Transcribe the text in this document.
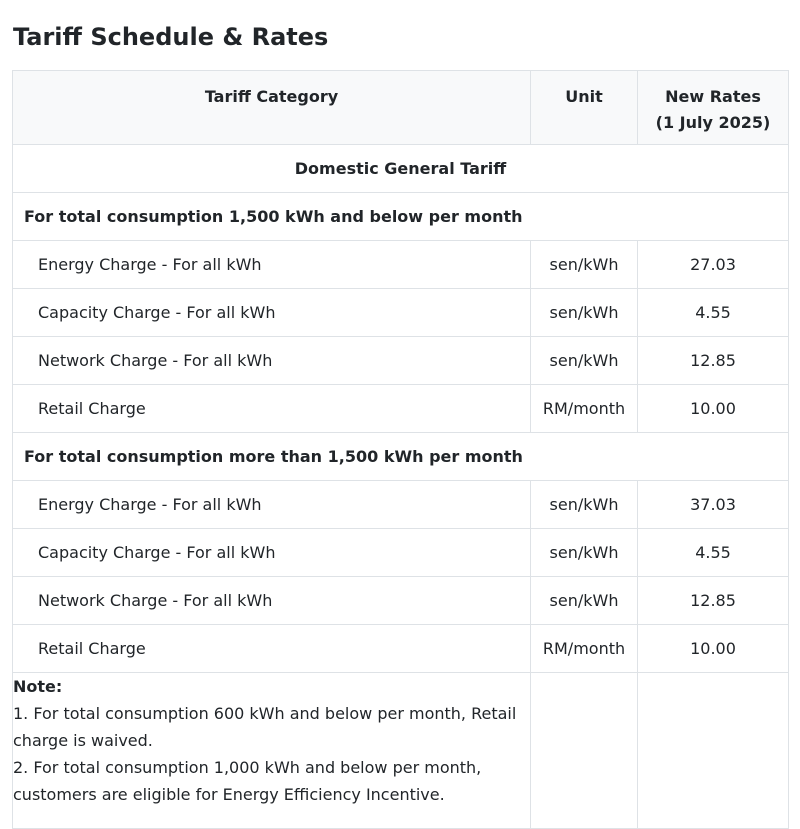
Tariff Schedule & Rates
Tariff Category	Unit	New Rates
(1 July 2025)
Domestic General Tariff		
For total consumption 1,500 kWh and below per month		
Energy Charge - For all kWh	sen/kWh	27.03
Capacity Charge - For all kWh	sen/kWh	4.55
Network Charge - For all kWh	sen/kWh	12.85
Retail Charge	RM/month	10.00
For total consumption more than 1,500 kWh per month		
Energy Charge - For all kWh	sen/kWh	37.03
Capacity Charge - For all kWh	sen/kWh	4.55
Network Charge - For all kWh	sen/kWh	12.85
Retail Charge	RM/month	10.00

Note:
1. For total consumption 600 kWh and below per month, Retail charge is waived.
2. For total consumption 1,000 kWh and below per month, customers are eligible for Energy Efficiency Incentive.		
